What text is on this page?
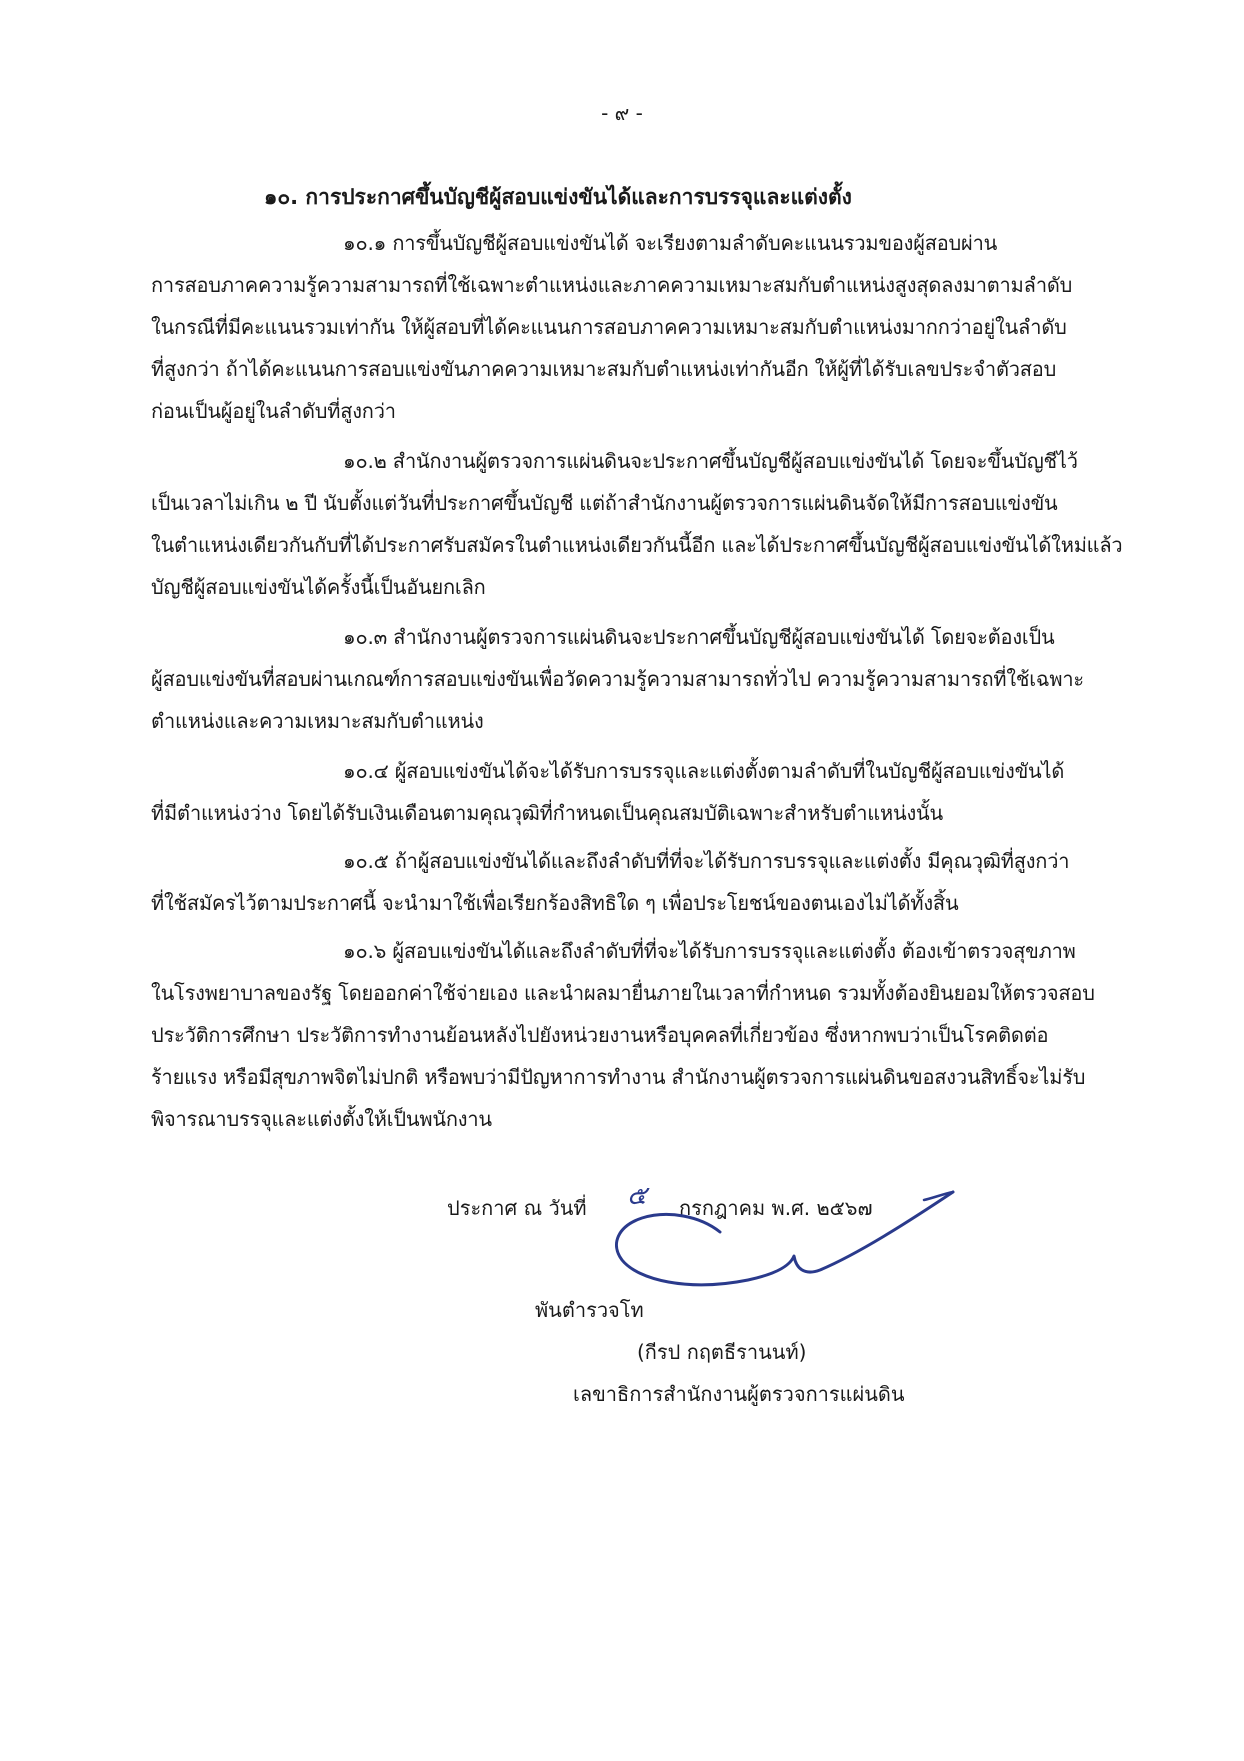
- ๙ -
๑๐. การประกาศขึ้นบัญชีผู้สอบแข่งขันได้และการบรรจุและแต่งตั้ง
๑๐.๑ การขึ้นบัญชีผู้สอบแข่งขันได้ จะเรียงตามลำดับคะแนนรวมของผู้สอบผ่าน
การสอบภาคความรู้ความสามารถที่ใช้เฉพาะตำแหน่งและภาคความเหมาะสมกับตำแหน่งสูงสุดลงมาตามลำดับ
ในกรณีที่มีคะแนนรวมเท่ากัน ให้ผู้สอบที่ได้คะแนนการสอบภาคความเหมาะสมกับตำแหน่งมากกว่าอยู่ในลำดับ
ที่สูงกว่า ถ้าได้คะแนนการสอบแข่งขันภาคความเหมาะสมกับตำแหน่งเท่ากันอีก ให้ผู้ที่ได้รับเลขประจำตัวสอบ
ก่อนเป็นผู้อยู่ในลำดับที่สูงกว่า
๑๐.๒ สำนักงานผู้ตรวจการแผ่นดินจะประกาศขึ้นบัญชีผู้สอบแข่งขันได้ โดยจะขึ้นบัญชีไว้
เป็นเวลาไม่เกิน ๒ ปี นับตั้งแต่วันที่ประกาศขึ้นบัญชี แต่ถ้าสำนักงานผู้ตรวจการแผ่นดินจัดให้มีการสอบแข่งขัน
ในตำแหน่งเดียวกันกับที่ได้ประกาศรับสมัครในตำแหน่งเดียวกันนี้อีก และได้ประกาศขึ้นบัญชีผู้สอบแข่งขันได้ใหม่แล้ว
บัญชีผู้สอบแข่งขันได้ครั้งนี้เป็นอันยกเลิก
๑๐.๓ สำนักงานผู้ตรวจการแผ่นดินจะประกาศขึ้นบัญชีผู้สอบแข่งขันได้ โดยจะต้องเป็น
ผู้สอบแข่งขันที่สอบผ่านเกณฑ์การสอบแข่งขันเพื่อวัดความรู้ความสามารถทั่วไป ความรู้ความสามารถที่ใช้เฉพาะ
ตำแหน่งและความเหมาะสมกับตำแหน่ง
๑๐.๔ ผู้สอบแข่งขันได้จะได้รับการบรรจุและแต่งตั้งตามลำดับที่ในบัญชีผู้สอบแข่งขันได้
ที่มีตำแหน่งว่าง โดยได้รับเงินเดือนตามคุณวุฒิที่กำหนดเป็นคุณสมบัติเฉพาะสำหรับตำแหน่งนั้น
๑๐.๕ ถ้าผู้สอบแข่งขันได้และถึงลำดับที่ที่จะได้รับการบรรจุและแต่งตั้ง มีคุณวุฒิที่สูงกว่า
ที่ใช้สมัครไว้ตามประกาศนี้ จะนำมาใช้เพื่อเรียกร้องสิทธิใด ๆ เพื่อประโยชน์ของตนเองไม่ได้ทั้งสิ้น
๑๐.๖ ผู้สอบแข่งขันได้และถึงลำดับที่ที่จะได้รับการบรรจุและแต่งตั้ง ต้องเข้าตรวจสุขภาพ
ในโรงพยาบาลของรัฐ โดยออกค่าใช้จ่ายเอง และนำผลมายื่นภายในเวลาที่กำหนด รวมทั้งต้องยินยอมให้ตรวจสอบ
ประวัติการศึกษา ประวัติการทำงานย้อนหลังไปยังหน่วยงานหรือบุคคลที่เกี่ยวข้อง ซึ่งหากพบว่าเป็นโรคติดต่อ
ร้ายแรง หรือมีสุขภาพจิตไม่ปกติ หรือพบว่ามีปัญหาการทำงาน สำนักงานผู้ตรวจการแผ่นดินขอสงวนสิทธิ์จะไม่รับ
พิจารณาบรรจุและแต่งตั้งให้เป็นพนักงาน
ประกาศ ณ วันที่ ๕ กรกฎาคม พ.ศ. ๒๕๖๗
พันตำรวจโท
(กีรป กฤตธีรานนท์)
เลขาธิการสำนักงานผู้ตรวจการแผ่นดิน
